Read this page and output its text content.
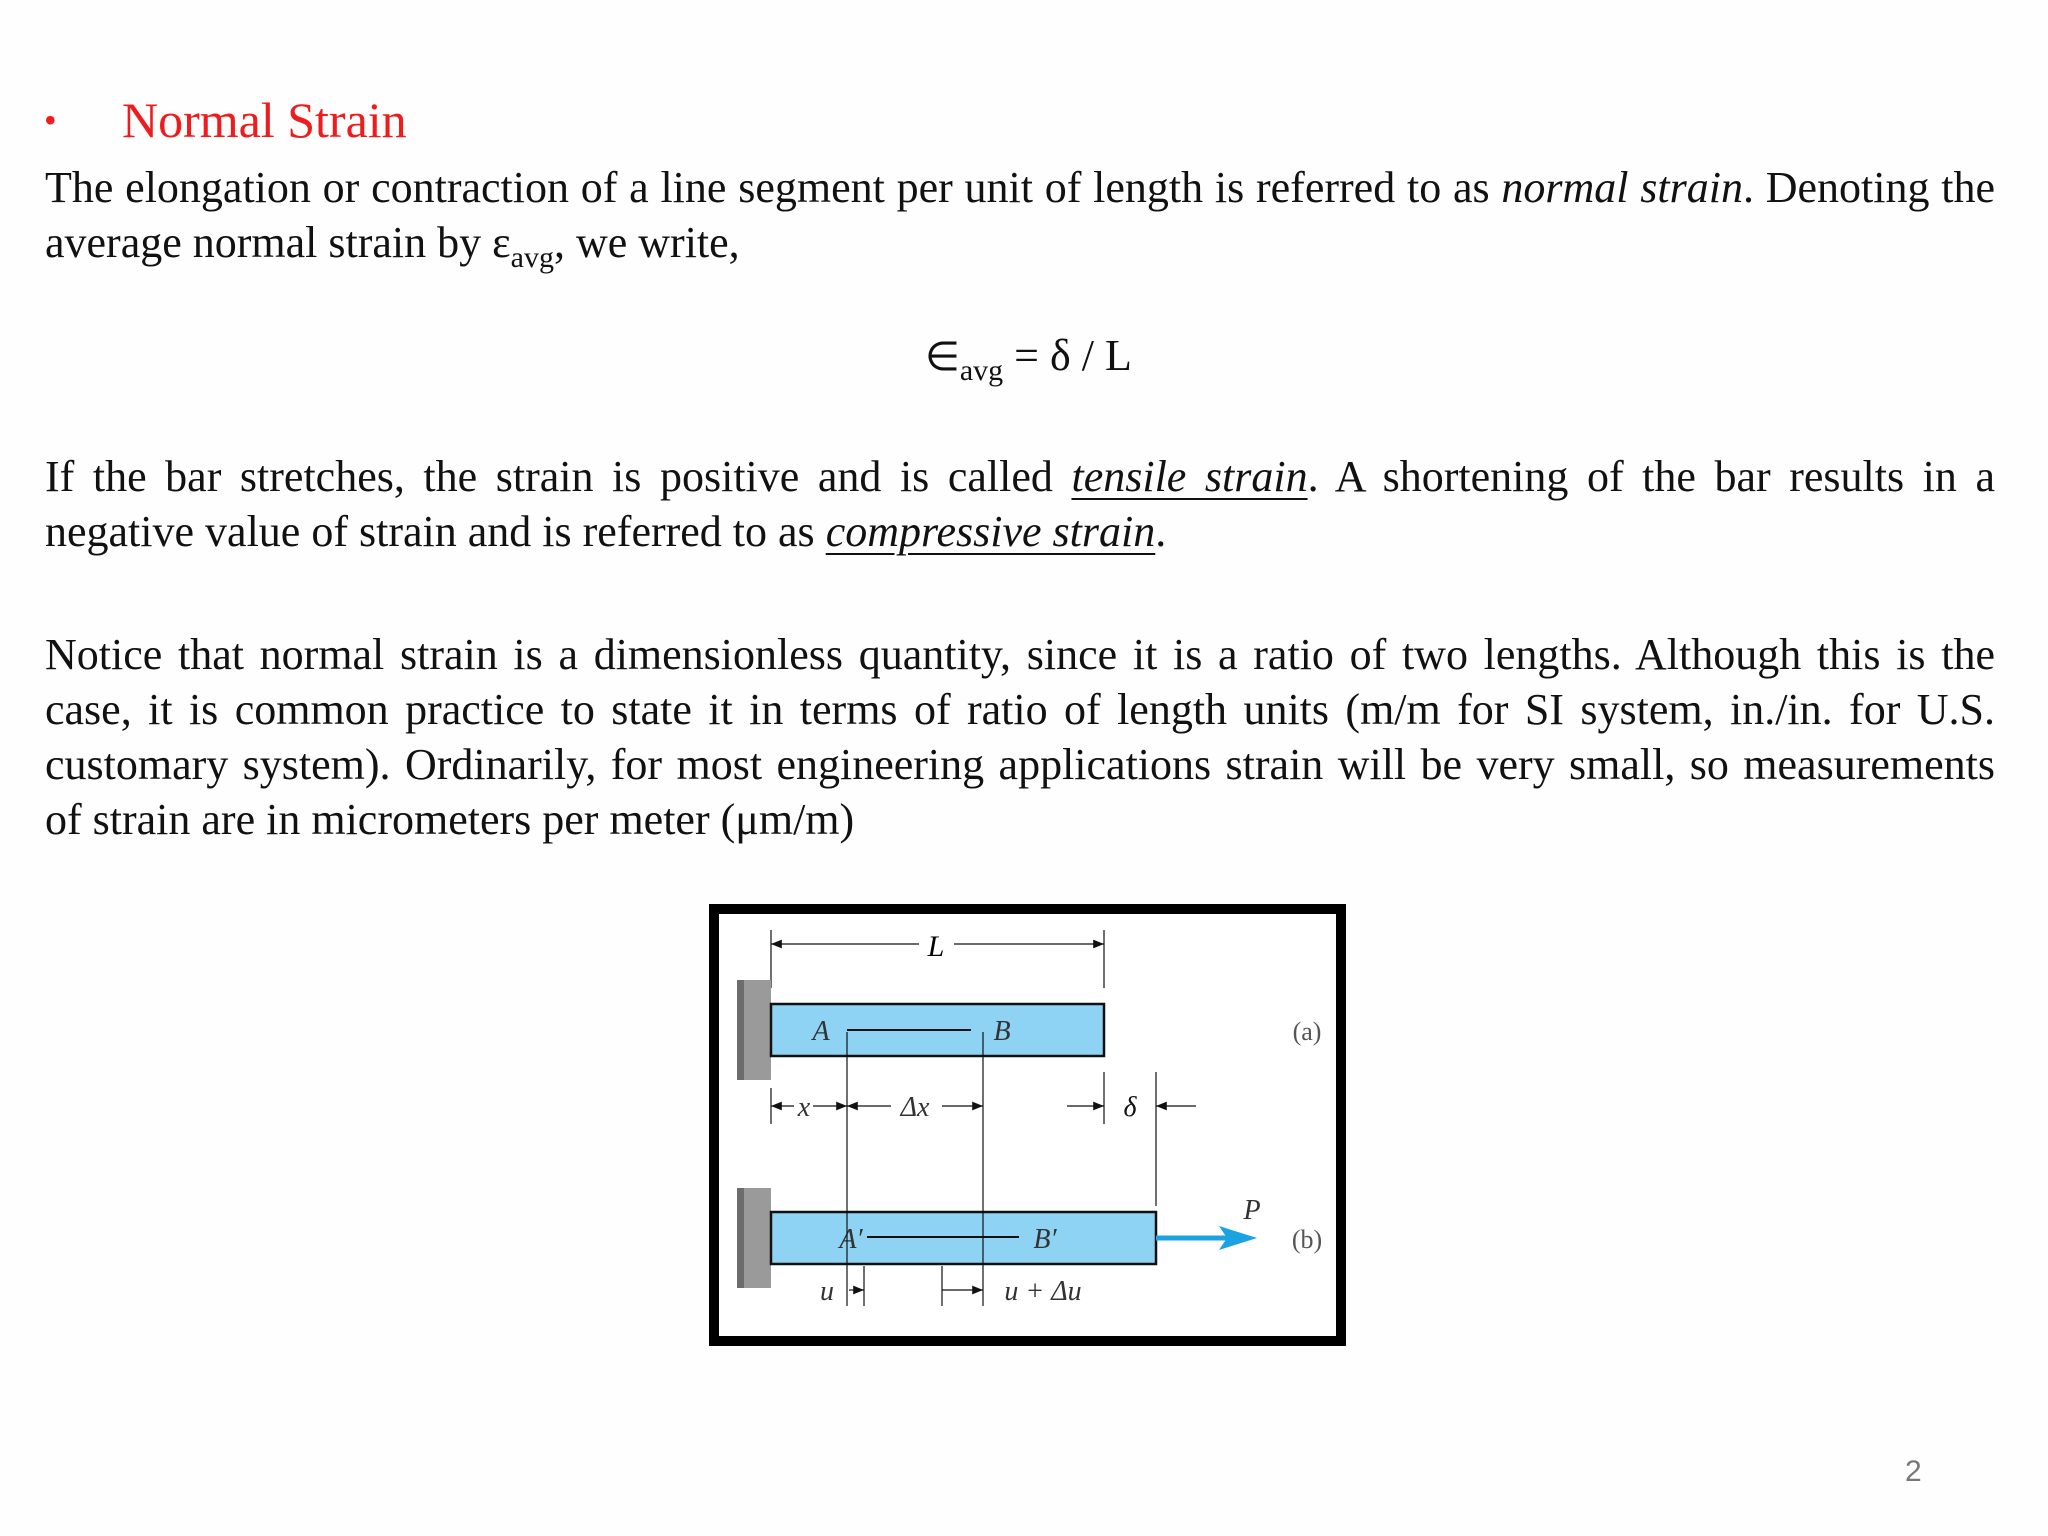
•	Normal Strain

The elongation or contraction of a line segment per unit of length is referred to as normal strain. Denoting the average normal strain by $\varepsilon_{avg}$, we write,

$\in_{avg} = \delta / L$

If the bar stretches, the strain is positive and is called tensile strain. A shortening of the bar results in a negative value of strain and is referred to as compressive strain.

Notice that normal strain is a dimensionless quantity, since it is a ratio of two lengths. Although this is the case, it is common practice to state it in terms of ratio of length units (m/m for SI system, in./in. for U.S. customary system). Ordinarily, for most engineering applications strain will be very small, so measurements of strain are in micrometers per meter (μm/m)

L
A	B	(a)
x	Δx	δ
A′	B′
P
(b)
u	u + Δu
2
